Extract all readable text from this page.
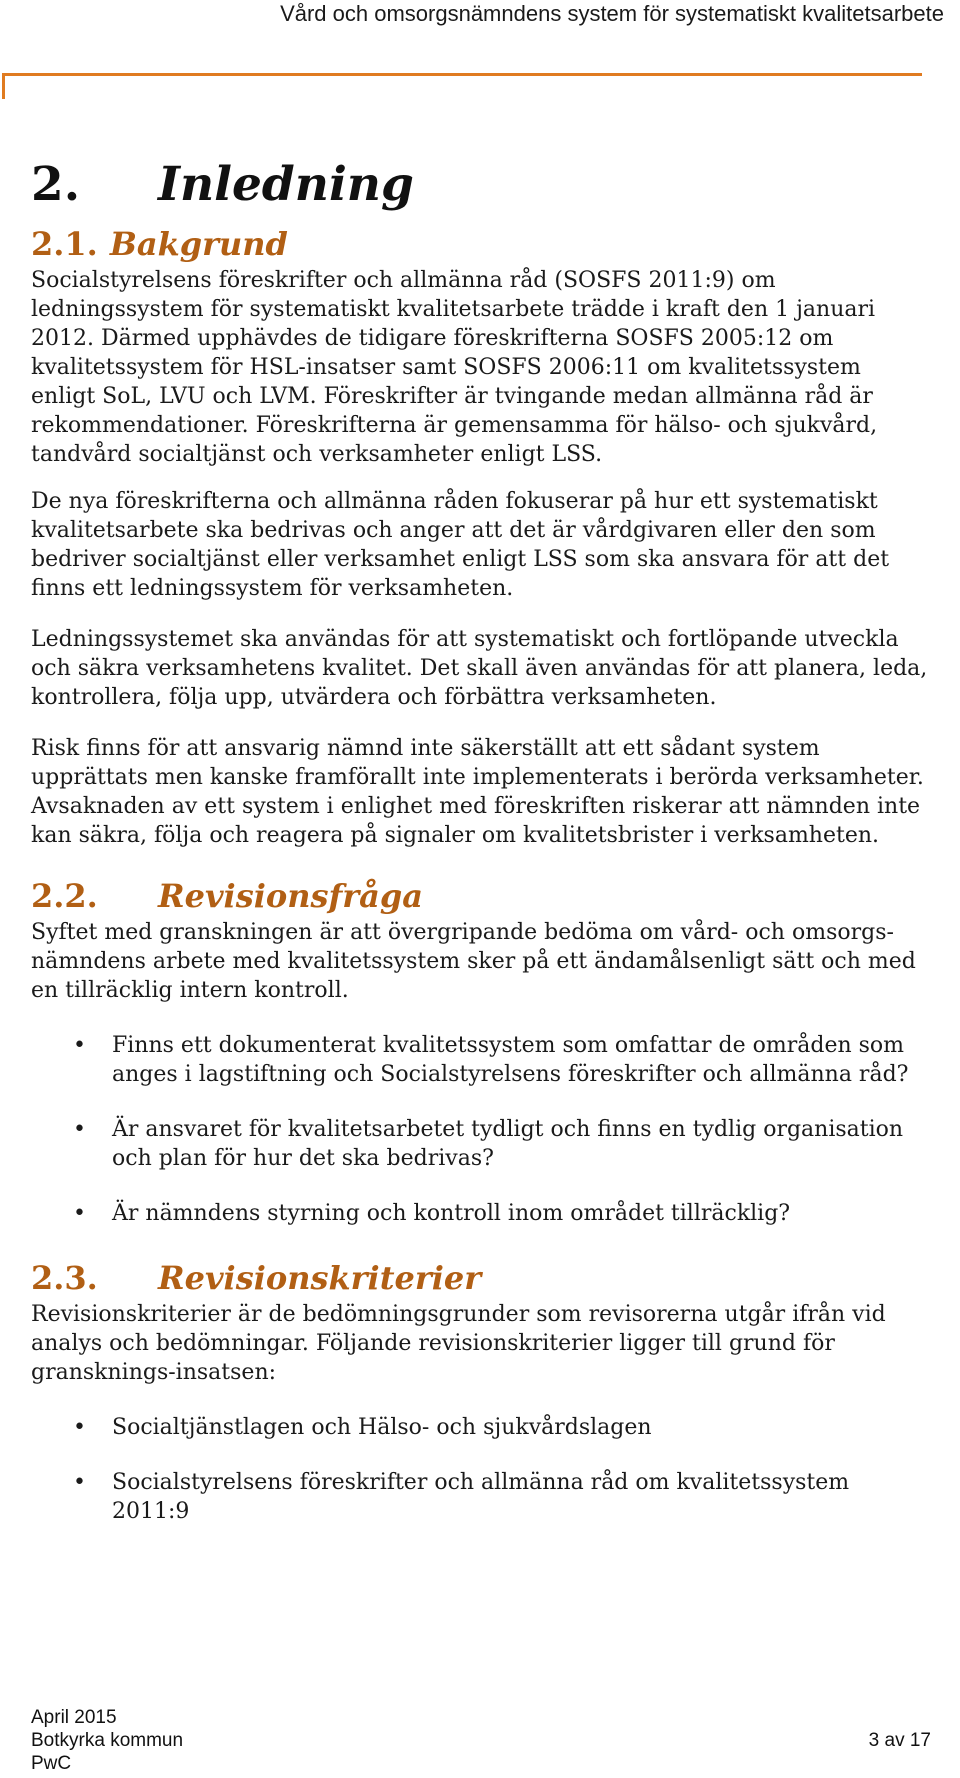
Vård och omsorgsnämndens system för systematiskt kvalitetsarbete
2. Inledning
2.1. Bakgrund

Socialstyrelsens föreskrifter och allmänna råd (SOSFS 2011:9) om ledningssystem för systematiskt kvalitetsarbete trädde i kraft den 1 januari 2012. Därmed upphävdes de tidigare föreskrifterna SOSFS 2005:12 om kvalitetssystem för HSL-insatser samt SOSFS 2006:11 om kvalitetssystem enligt SoL, LVU och LVM. Föreskrifter är tvingande medan allmänna råd är rekommendationer. Föreskrifterna är gemensamma för hälso- och sjukvård, tandvård socialtjänst och verksamheter enligt LSS.

De nya föreskrifterna och allmänna råden fokuserar på hur ett systematiskt kvalitetsarbete ska bedrivas och anger att det är vårdgivaren eller den som bedriver socialtjänst eller verksamhet enligt LSS som ska ansvara för att det finns ett ledningssystem för verksamheten.

Ledningssystemet ska användas för att systematiskt och fortlöpande utveckla och säkra verksamhetens kvalitet. Det skall även användas för att planera, leda, kontrollera, följa upp, utvärdera och förbättra verksamheten.

Risk finns för att ansvarig nämnd inte säkerställt att ett sådant system upprättats men kanske framförallt inte implementerats i berörda verksamheter. Avsaknaden av ett system i enlighet med föreskriften riskerar att nämnden inte kan säkra, följa och reagera på signaler om kvalitetsbrister i verksamheten.

2.2. Revisionsfråga

Syftet med granskningen är att övergripande bedöma om vård- och omsorgs-nämndens arbete med kvalitetssystem sker på ett ändamålsenligt sätt och med en tillräcklig intern kontroll.

• Finns ett dokumenterat kvalitetssystem som omfattar de områden som anges i lagstiftning och Socialstyrelsens föreskrifter och allmänna råd?
• Är ansvaret för kvalitetsarbetet tydligt och finns en tydlig organisation och plan för hur det ska bedrivas?
• Är nämndens styrning och kontroll inom området tillräcklig?
2.3. Revisionskriterier

Revisionskriterier är de bedömningsgrunder som revisorerna utgår ifrån vid analys och bedömningar. Följande revisionskriterier ligger till grund för gransknings-insatsen:

• Socialtjänstlagen och Hälso- och sjukvårdslagen
• Socialstyrelsens föreskrifter och allmänna råd om kvalitetssystem 2011:9
April 2015
Botkyrka kommun
PwC
3 av 17
